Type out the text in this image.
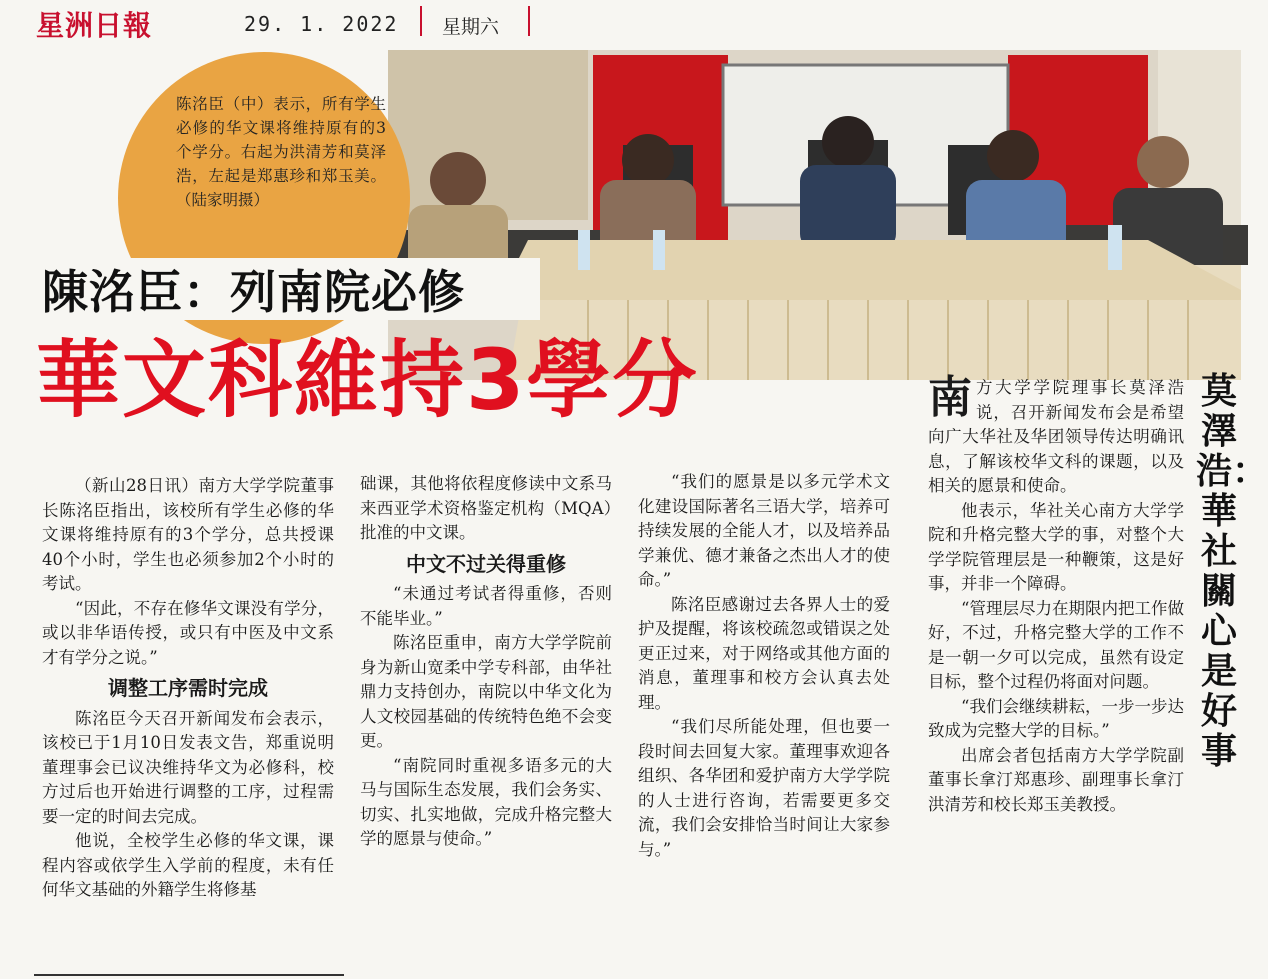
星洲日報	29. 1. 2022 星期六
陈洺臣（中）表示，所有学生必修的华文课将维持原有的3个学分。右起为洪清芳和莫泽浩，左起是郑惠珍和郑玉美。（陆家明摄）
陳洺臣：列南院必修
華文科維持3學分

（新山28日讯）南方大学学院董事长陈洺臣指出，该校所有学生必修的华文课将维持原有的3个学分，总共授课40个小时，学生也必须参加2个小时的考试。

“因此，不存在修华文课没有学分，或以非华语传授，或只有中医及中文系才有学分之说。”

调整工序需时完成

陈洺臣今天召开新闻发布会表示，该校已于1月10日发表文告，郑重说明董理事会已议决维持华文为必修科，校方过后也开始进行调整的工序，过程需要一定的时间去完成。

他说，全校学生必修的华文课，课程内容或依学生入学前的程度，未有任何华文基础的外籍学生将修基

础课，其他将依程度修读中文系马来西亚学术资格鉴定机构（MQA）批准的中文课。

中文不过关得重修

“未通过考试者得重修，否则不能毕业。”

陈洺臣重申，南方大学学院前身为新山宽柔中学专科部，由华社鼎力支持创办，南院以中华文化为人文校园基础的传统特色绝不会变更。

“南院同时重视多语多元的大马与国际生态发展，我们会务实、切实、扎实地做，完成升格完整大学的愿景与使命。”

“我们的愿景是以多元学术文化建设国际著名三语大学，培养可持续发展的全能人才，以及培养品学兼优、德才兼备之杰出人才的使命。”

陈洺臣感谢过去各界人士的爱护及提醒，将该校疏忽或错误之处更正过来，对于网络或其他方面的消息，董理事和校方会认真去处理。

“我们尽所能处理，但也要一段时间去回复大家。董理事欢迎各组织、各华团和爱护南方大学学院的人士进行咨询，若需要更多交流，我们会安排恰当时间让大家参与。”

南方大学学院理事长莫泽浩说，召开新闻发布会是希望向广大华社及华团领导传达明确讯息，了解该校华文科的课题，以及相关的愿景和使命。

他表示，华社关心南方大学学院和升格完整大学的事，对整个大学学院管理层是一种鞭策，这是好事，并非一个障碍。

“管理层尽力在期限内把工作做好，不过，升格完整大学的工作不是一朝一夕可以完成，虽然有设定目标，整个过程仍将面对问题。

“我们会继续耕耘，一步一步达致成为完整大学的目标。”

出席会者包括南方大学学院副董事长拿汀郑惠珍、副理事长拿汀洪清芳和校长郑玉美教授。

莫澤浩：華社關心是好事
